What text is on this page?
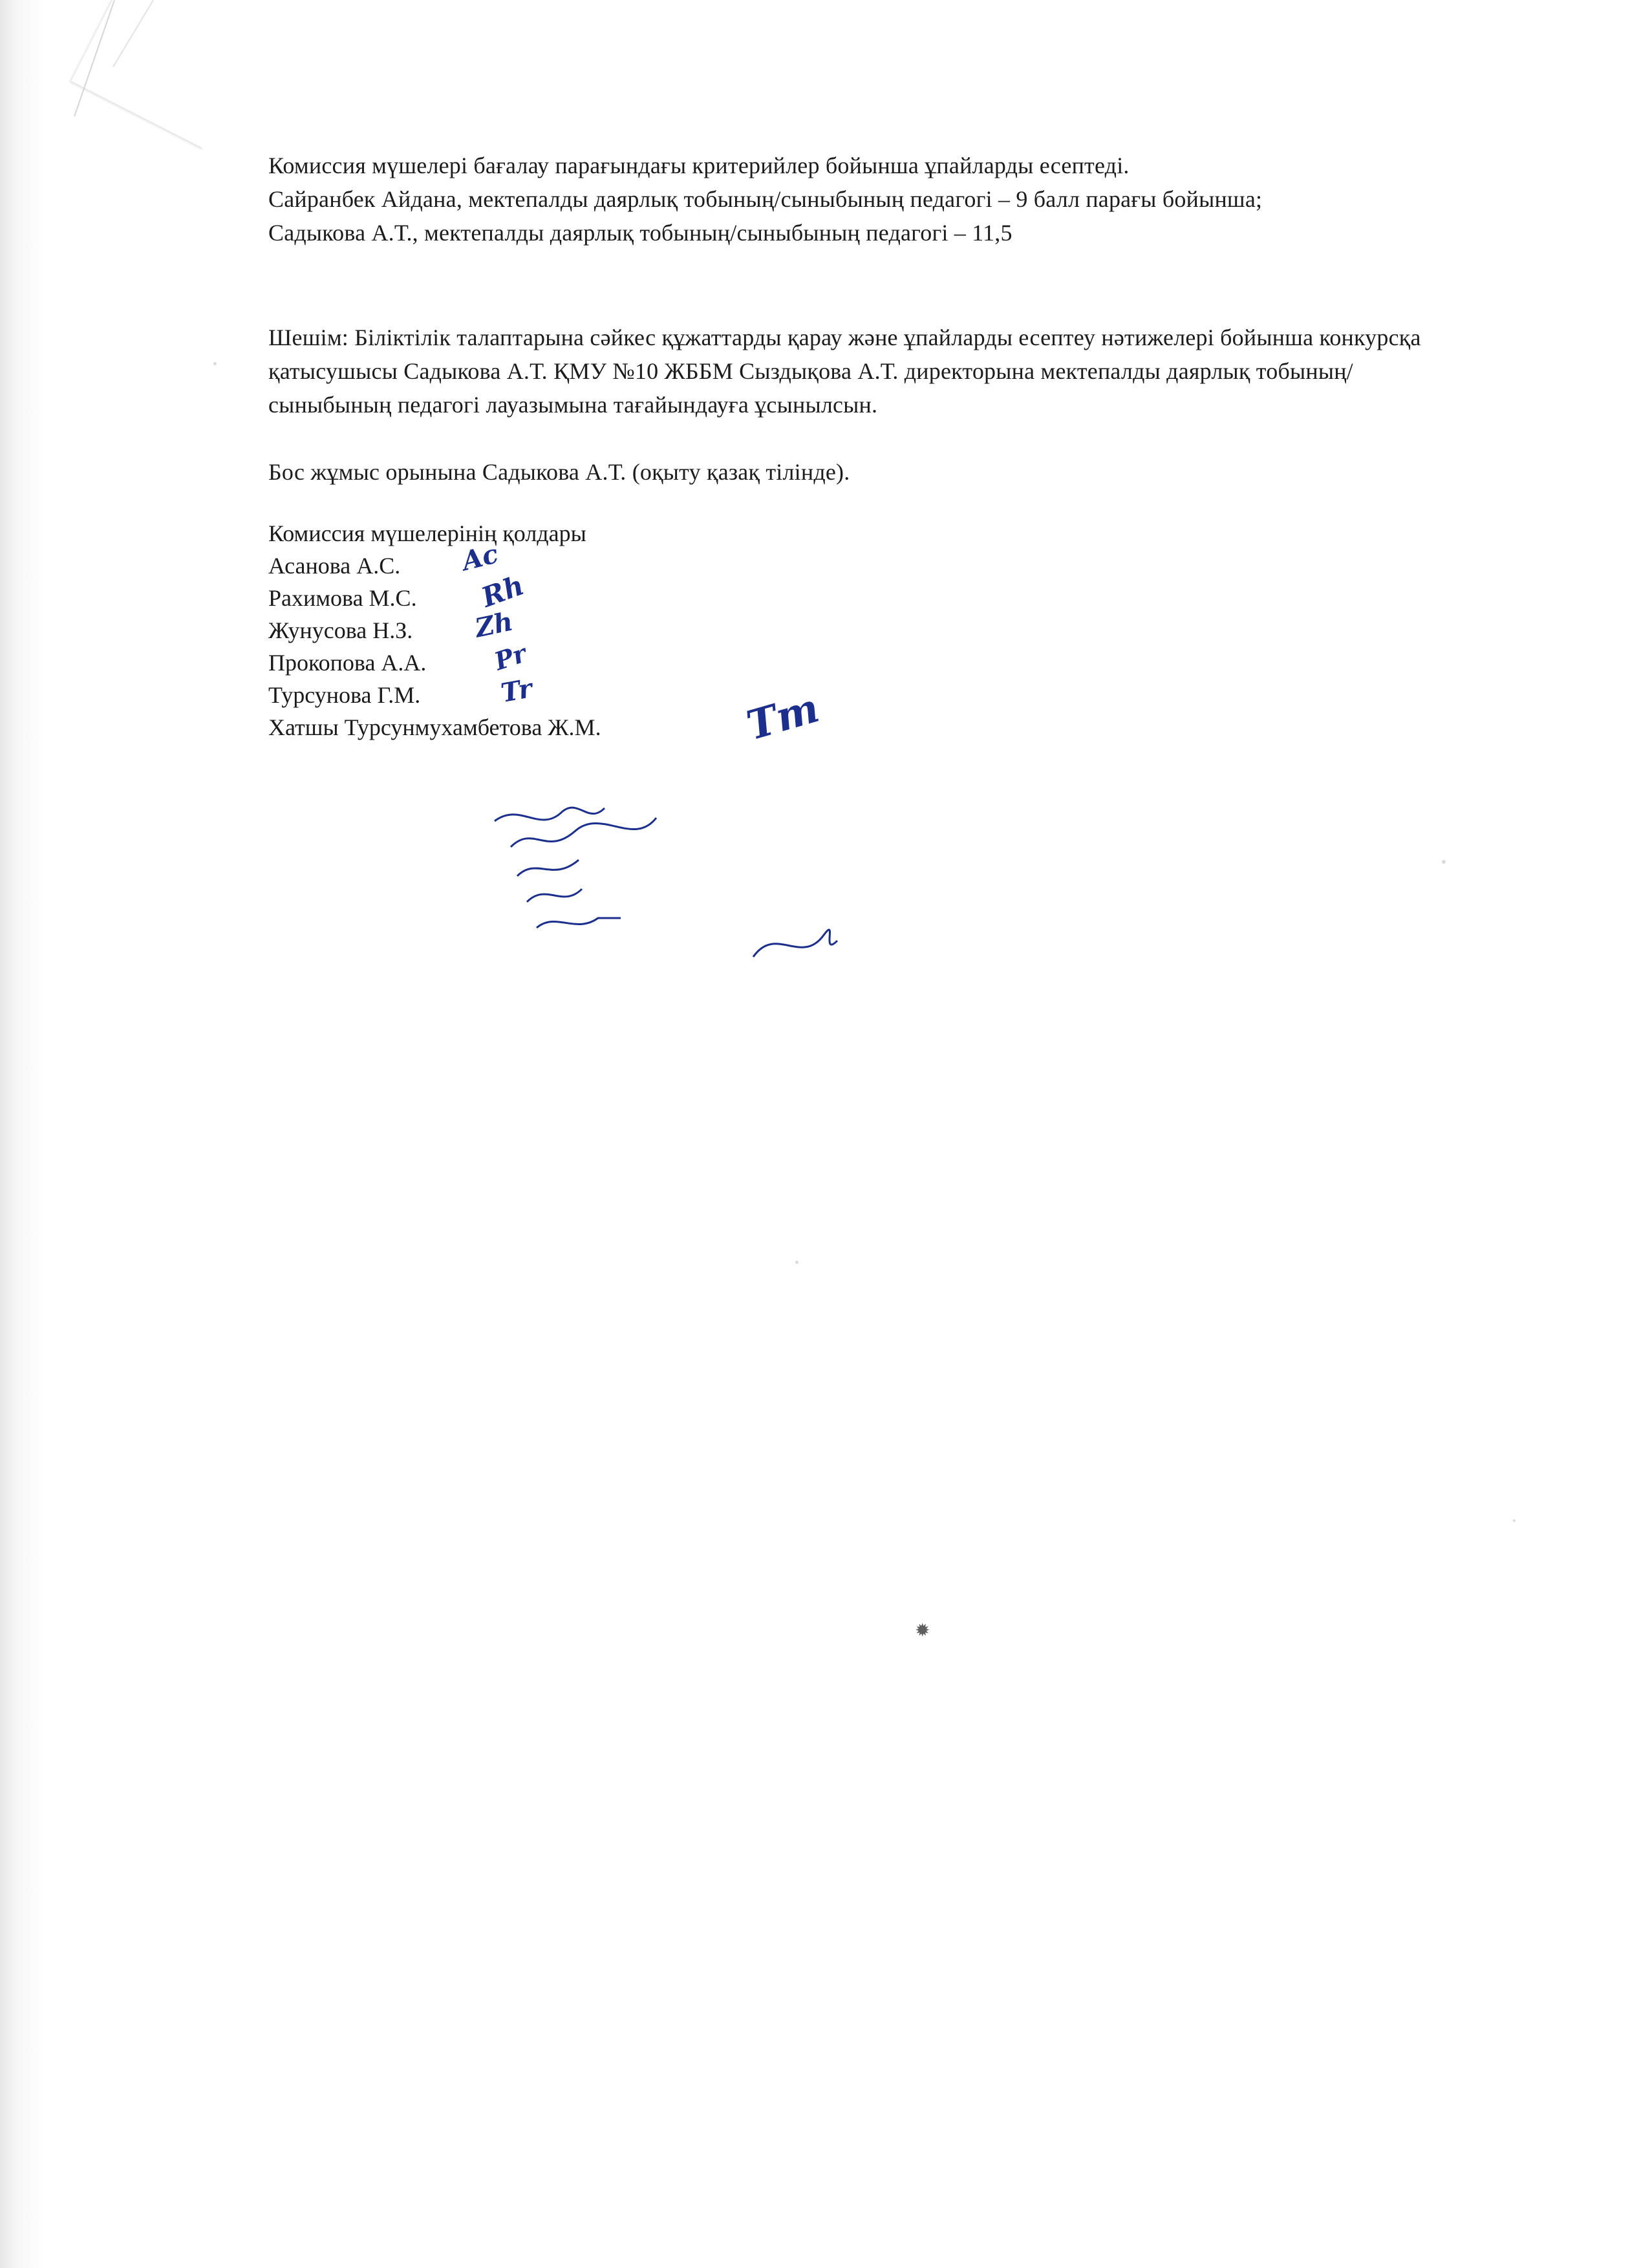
Комиссия мүшелері бағалау парағындағы критерийлер бойынша ұпайларды есептеді.

Сайранбек Айдана, мектепалды даярлық тобының/сыныбының педагогі – 9 балл парағы бойынша;

Садыкова А.Т., мектепалды даярлық тобының/сыныбының педагогі – 11,5

Шешім: Біліктілік талаптарына сәйкес құжаттарды қарау және ұпайларды есептеу нәтижелері бойынша конкурсқа қатысушысы Садыкова А.Т. ҚМУ №10 ЖББМ Сыздықова А.Т. директорына мектепалды даярлық тобының/сыныбының педагогі лауазымына тағайындауға ұсынылсын.

Бос жұмыс орынына Садыкова А.Т. (оқыту қазақ тілінде).

Комиссия мүшелерінің қолдары
Асанова А.С. Ac
Рахимова М.С. Rh
Жунусова Н.З. Zh
Прокопова А.А.	Pr
Турсунова Г.М.	Tr
Хатшы Турсунмухамбетова Ж.М.	Tm
✹
